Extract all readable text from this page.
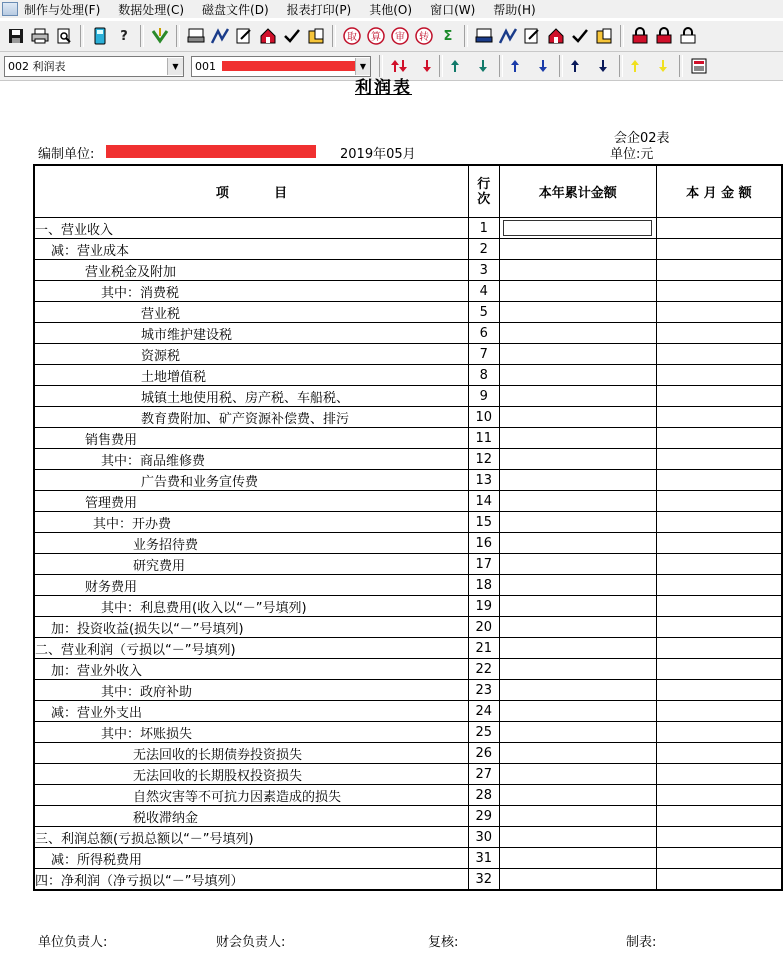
制作与处理(F) 数据处理(C) 磁盘文件(D) 报表打印(P) 其他(O) 窗口(W) 帮助(H)
?	取 算 审 转	Σ
002 利润表	▼	001	▼
利润表
会企02表
编制单位:	2019年05月	单位:元
项          目	行次	本年累计金额	本 月 金 额
一、营业收入	1	

减：营业成本	2		
营业税金及附加	3		
其中：消费税	4		
营业税	5		
城市维护建设税	6		
资源税	7		
土地增值税	8		
城镇土地使用税、房产税、车船税、	9		
教育费附加、矿产资源补偿费、排污	10		
销售费用	11		
其中：商品维修费	12		
广告费和业务宣传费	13		
管理费用	14		
其中：开办费	15		
业务招待费	16		
研究费用	17		
财务费用	18		
其中：利息费用(收入以“－”号填列)	19		
加：投资收益(损失以“－”号填列)	20		
二、营业利润（亏损以“－”号填列)	21		
加：营业外收入	22		
其中：政府补助	23		
减：营业外支出	24		
其中：坏账损失	25		
无法回收的长期债券投资损失	26		
无法回收的长期股权投资损失	27		
自然灾害等不可抗力因素造成的损失	28		
税收滞纳金	29		
三、利润总额(亏损总额以“－”号填列)	30		
减：所得税费用	31		
四：净利润（净亏损以“－”号填列）	32		
单位负责人:	财会负责人:	复核:	制表:
